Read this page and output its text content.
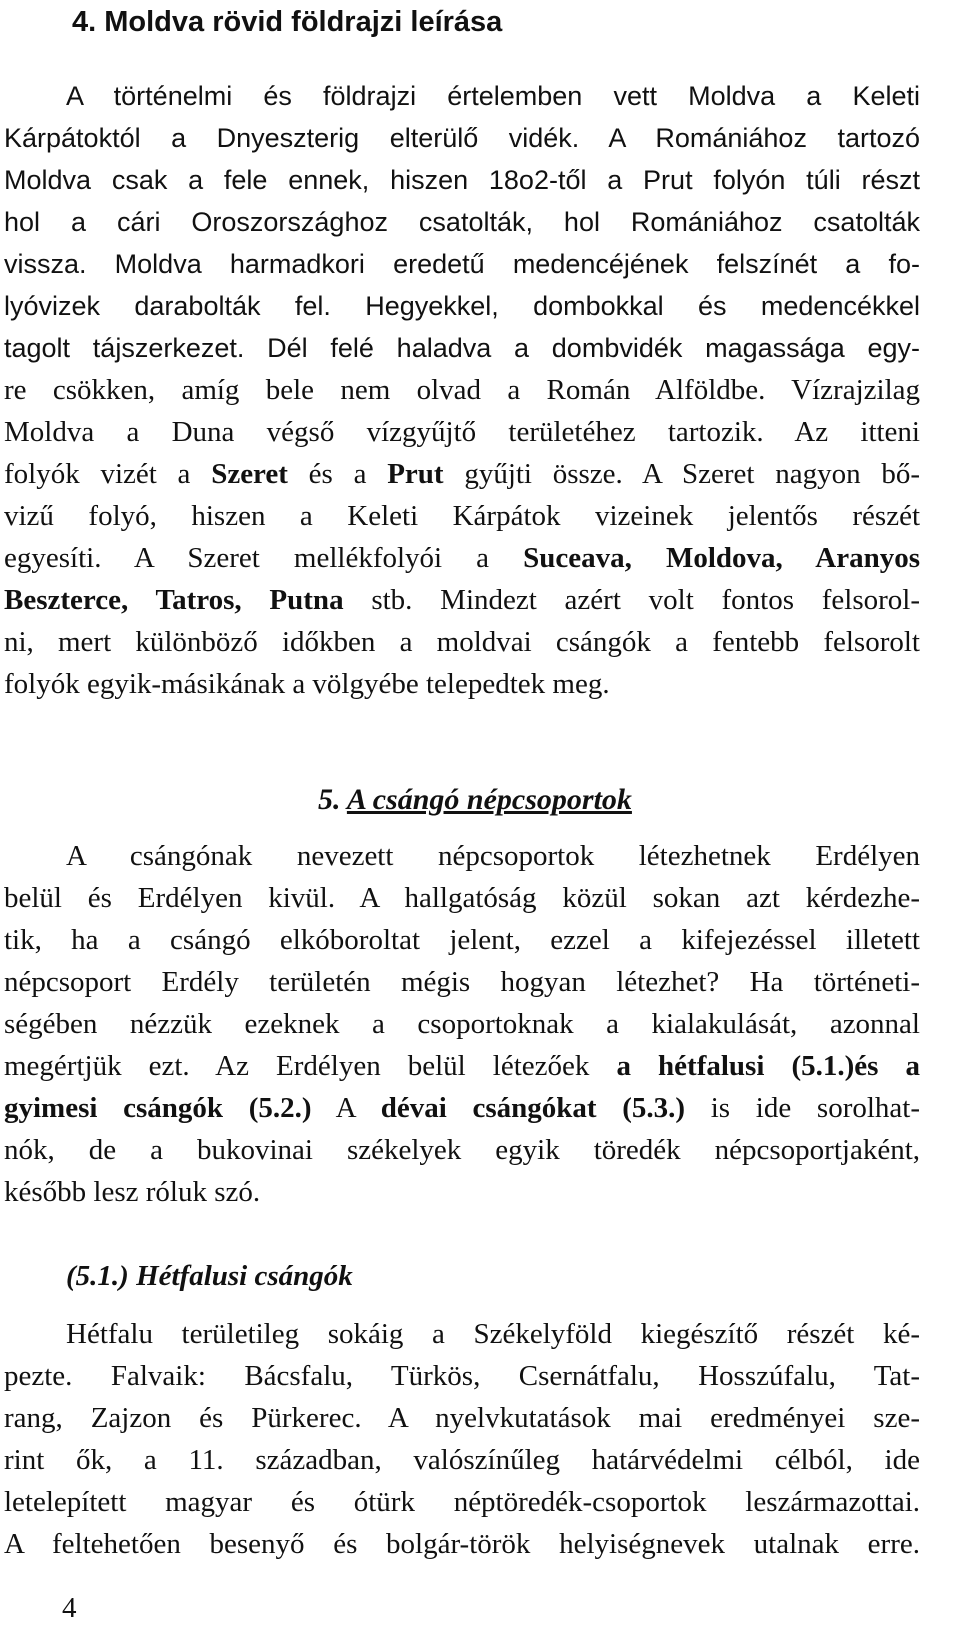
4. Moldva rövid földrajzi leírása
A történelmi és földrajzi értelemben vett Moldva a Keleti
Kárpátoktól a Dnyeszterig elterülő vidék. A Romániához tartozó
Moldva csak a fele ennek, hiszen 18o2-től a Prut folyón túli részt
hol a cári Oroszországhoz csatolták, hol Romániához csatolták
vissza. Moldva harmadkori eredetű medencéjének felszínét a fo-
lyóvizek darabolták fel. Hegyekkel, dombokkal és medencékkel
tagolt tájszerkezet. Dél felé haladva a dombvidék magassága egy-
re csökken, amíg bele nem olvad a Román Alföldbe. Vízrajzilag
Moldva a Duna végső vízgyűjtő területéhez tartozik. Az itteni
folyók vizét a Szeret és a Prut gyűjti össze. A Szeret nagyon bő-
vizű folyó, hiszen a Keleti Kárpátok vizeinek jelentős részét
egyesíti. A Szeret mellékfolyói a Suceava, Moldova, Aranyos
Beszterce, Tatros, Putna stb. Mindezt azért volt fontos felsorol-
ni, mert különböző időkben a moldvai csángók a fentebb felsorolt
folyók egyik-másikának a völgyébe telepedtek meg.
5. A csángó népcsoportok
A csángónak nevezett népcsoportok létezhetnek Erdélyen
belül és Erdélyen kivül. A hallgatóság közül sokan azt kérdezhe-
tik, ha a csángó elkóboroltat jelent, ezzel a kifejezéssel illetett
népcsoport Erdély területén mégis hogyan létezhet? Ha történeti-
ségében nézzük ezeknek a csoportoknak a kialakulását, azonnal
megértjük ezt. Az Erdélyen belül létezőek a hétfalusi (5.1.)és a
gyimesi csángók (5.2.) A dévai csángókat (5.3.) is ide sorolhat-
nók, de a bukovinai székelyek egyik töredék népcsoportjaként,
később lesz róluk szó.
(5.1.) Hétfalusi csángók
Hétfalu területileg sokáig a Székelyföld kiegészítő részét ké-
pezte. Falvaik: Bácsfalu, Türkös, Csernátfalu, Hosszúfalu, Tat-
rang, Zajzon és Pürkerec. A nyelvkutatások mai eredményei sze-
rint ők, a 11. században, valószínűleg határvédelmi célból, ide
letelepített magyar és ótürk néptöredék-csoportok leszármazottai.
A feltehetően besenyő és bolgár-török helyiségnevek utalnak erre.
4
